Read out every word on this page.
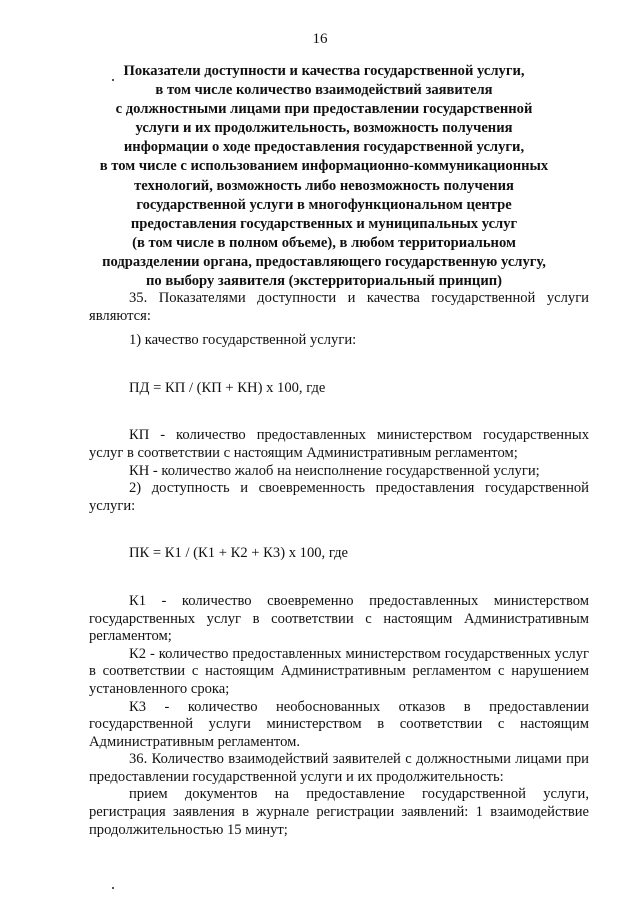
16
Показатели доступности и качества государственной услуги,
в том числе количество взаимодействий заявителя
с должностными лицами при предоставлении государственной
услуги и их продолжительность, возможность получения
информации о ходе предоставления государственной услуги,
в том числе с использованием информационно-коммуникационных
технологий, возможность либо невозможность получения
государственной услуги в многофункциональном центре
предоставления государственных и муниципальных услуг
(в том числе в полном объеме), в любом территориальном
подразделении органа, предоставляющего государственную услугу,
по выбору заявителя (экстерриториальный принцип)

35. Показателями доступности и качества государственной услуги являются:

1) качество государственной услуги:

ПД = КП / (КП + КН) х 100, где

КП - количество предоставленных министерством государственных услуг в соответствии с настоящим Административным регламентом;

КН - количество жалоб на неисполнение государственной услуги;

2) доступность и своевременность предоставления государственной услуги:

ПК = К1 / (К1 + К2 + К3) х 100, где

К1 - количество своевременно предоставленных министерством государственных услуг в соответствии с настоящим Административным регламентом;

К2 - количество предоставленных министерством государственных услуг в соответствии с настоящим Административным регламентом с нарушением установленного срока;

К3 - количество необоснованных отказов в предоставлении государственной услуги министерством в соответствии с настоящим Административным регламентом.

36. Количество взаимодействий заявителей с должностными лицами при предоставлении государственной услуги и их продолжительность:

прием документов на предоставление государственной услуги, регистрация заявления в журнале регистрации заявлений: 1 взаимодействие продолжительностью 15 минут;
